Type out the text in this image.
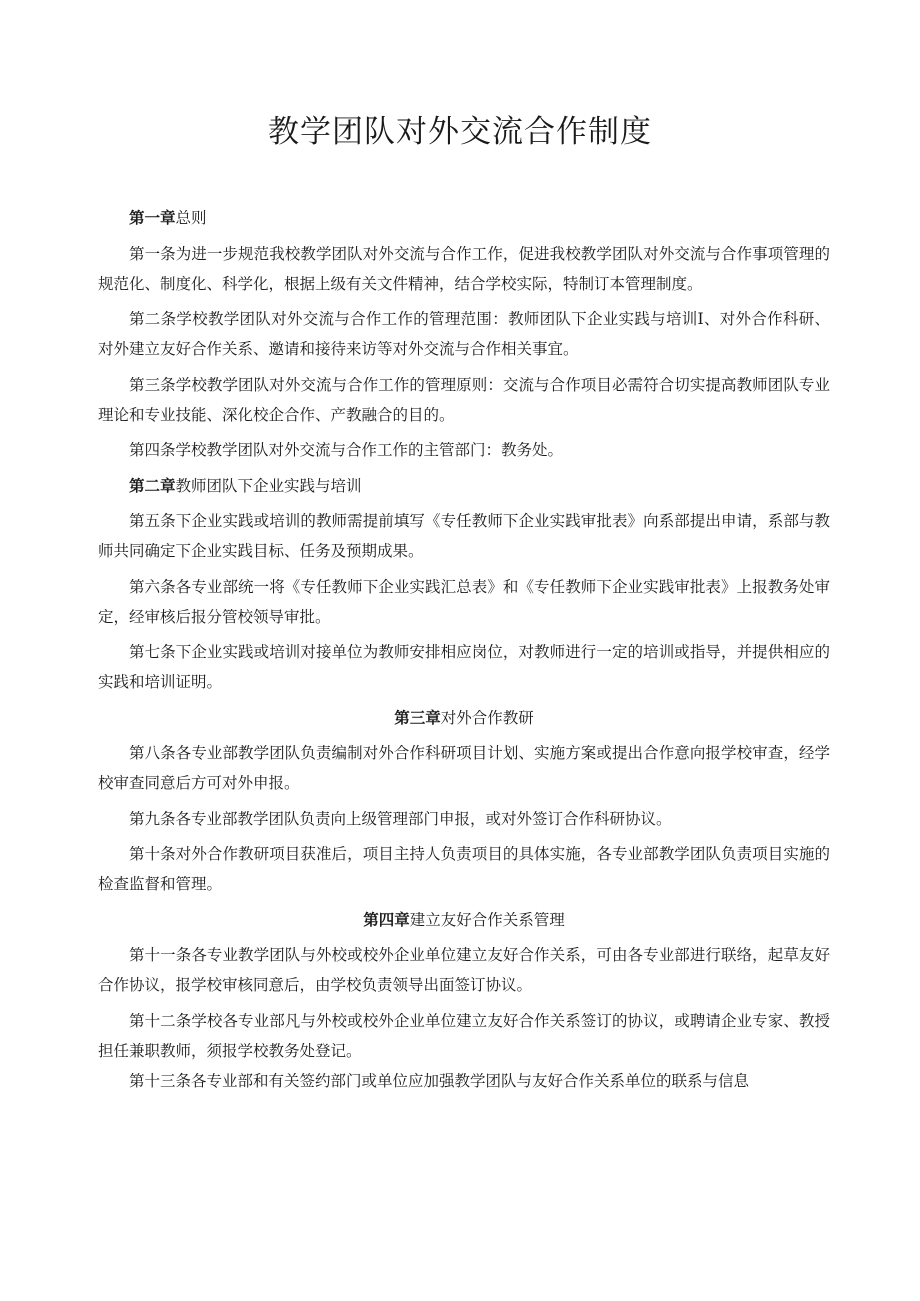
教学团队对外交流合作制度
第一章总则

第一条为进一步规范我校教学团队对外交流与合作工作，促进我校教学团队对外交流与合作事项管理的规范化、制度化、科学化，根据上级有关文件精神，结合学校实际，特制订本管理制度。

第二条学校教学团队对外交流与合作工作的管理范围：教师团队下企业实践与培训Ⅰ、对外合作科研、对外建立友好合作关系、邀请和接待来访等对外交流与合作相关事宜。

第三条学校教学团队对外交流与合作工作的管理原则：交流与合作项目必需符合切实提高教师团队专业理论和专业技能、深化校企合作、产教融合的目的。

第四条学校教学团队对外交流与合作工作的主管部门：教务处。

第二章教师团队下企业实践与培训

第五条下企业实践或培训的教师需提前填写《专任教师下企业实践审批表》向系部提出申请，系部与教师共同确定下企业实践目标、任务及预期成果。

第六条各专业部统一将《专任教师下企业实践汇总表》和《专任教师下企业实践审批表》上报教务处审定，经审核后报分管校领导审批。

第七条下企业实践或培训对接单位为教师安排相应岗位，对教师进行一定的培训或指导，并提供相应的实践和培训证明。

第三章对外合作教研

第八条各专业部教学团队负责编制对外合作科研项目计划、实施方案或提出合作意向报学校审查，经学校审查同意后方可对外申报。

第九条各专业部教学团队负责向上级管理部门申报，或对外签订合作科研协议。

第十条对外合作教研项目获准后，项目主持人负责项目的具体实施，各专业部教学团队负责项目实施的检查监督和管理。

第四章建立友好合作关系管理

第十一条各专业教学团队与外校或校外企业单位建立友好合作关系，可由各专业部进行联络，起草友好合作协议，报学校审核同意后，由学校负责领导出面签订协议。

第十二条学校各专业部凡与外校或校外企业单位建立友好合作关系签订的协议，或聘请企业专家、教授担任兼职教师，须报学校教务处登记。

第十三条各专业部和有关签约部门或单位应加强教学团队与友好合作关系单位的联系与信息
